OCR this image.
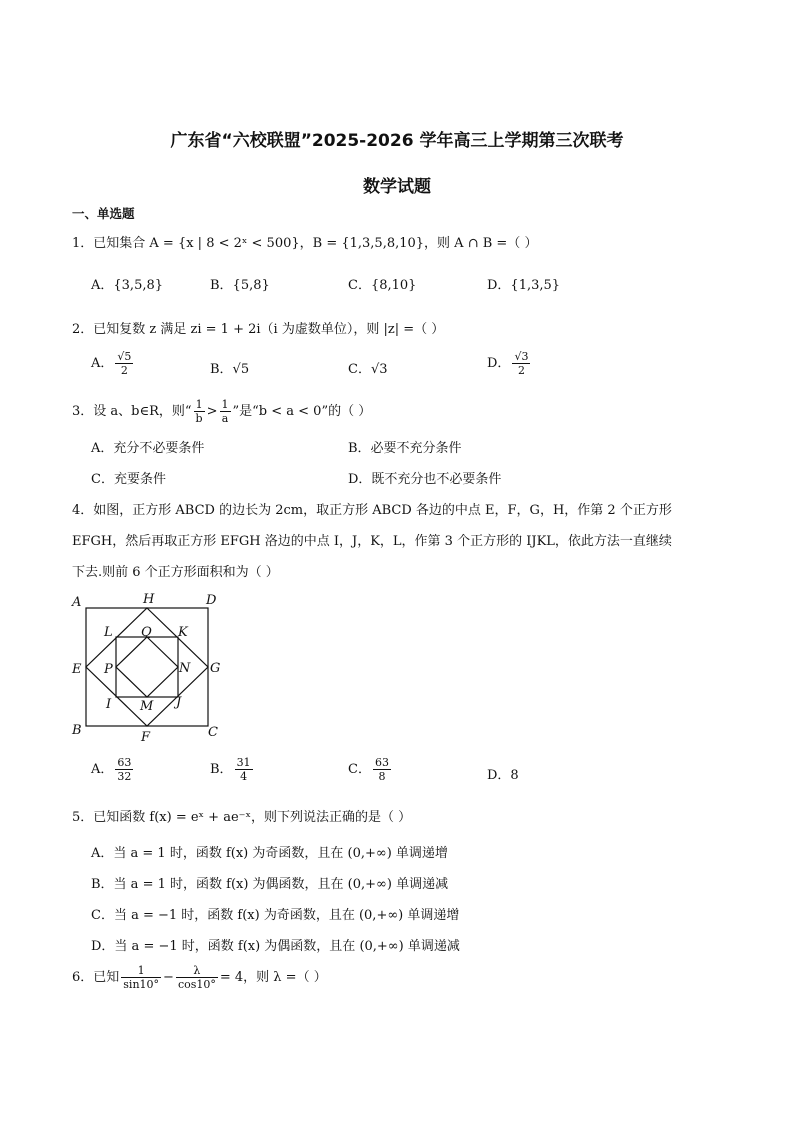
广东省“六校联盟”2025-2026 学年高三上学期第三次联考
数学试题
一、单选题
1．已知集合 A = {x | 8 < 2ˣ < 500}，B = {1,3,5,8,10}，则 A ∩ B =（ ）
A．{3,5,8}	B．{5,8}	C．{8,10}	D．{1,3,5}
2．已知复数 z 满足 zi = 1 + 2i（i 为虚数单位），则 |z| =（ ）
A． $\frac{√5}{2}$	B．√5	C．√3	D． $\frac{√3}{2}$
3．设 a、b∈R，则“ $\frac{1}{b} > \frac{1}{a}$ ”是“b < a < 0”的（ ）
A．充分不必要条件	B．必要不充分条件
C．充要条件	D．既不充分也不必要条件
4．如图，正方形 ABCD 的边长为 2cm，取正方形 ABCD 各边的中点 E，F，G，H，作第 2 个正方形
EFGH，然后再取正方形 EFGH 洛边的中点 I，J，K，L，作第 3 个正方形的 IJKL，依此方法一直继续
下去.则前 6 个正方形面积和为（ ）
A	H	D
L Q K
E P	N G
I M J
B	F	C
A． $\frac{63}{32}$	B． $\frac{31}{4}$	C． $\frac{63}{8}$	D．8
5．已知函数 f(x) = eˣ + ae⁻ˣ，则下列说法正确的是（ ）
A．当 a = 1 时，函数 f(x) 为奇函数，且在 (0,+∞) 单调递增
B．当 a = 1 时，函数 f(x) 为偶函数，且在 (0,+∞) 单调递减
C．当 a = −1 时，函数 f(x) 为奇函数，且在 (0,+∞) 单调递增
D．当 a = −1 时，函数 f(x) 为偶函数，且在 (0,+∞) 单调递减
6．已知 $\frac{1}{\sin 10^\circ} - \frac{\lambda}{\cos 10^\circ} = 4$，则 λ =（ ）
